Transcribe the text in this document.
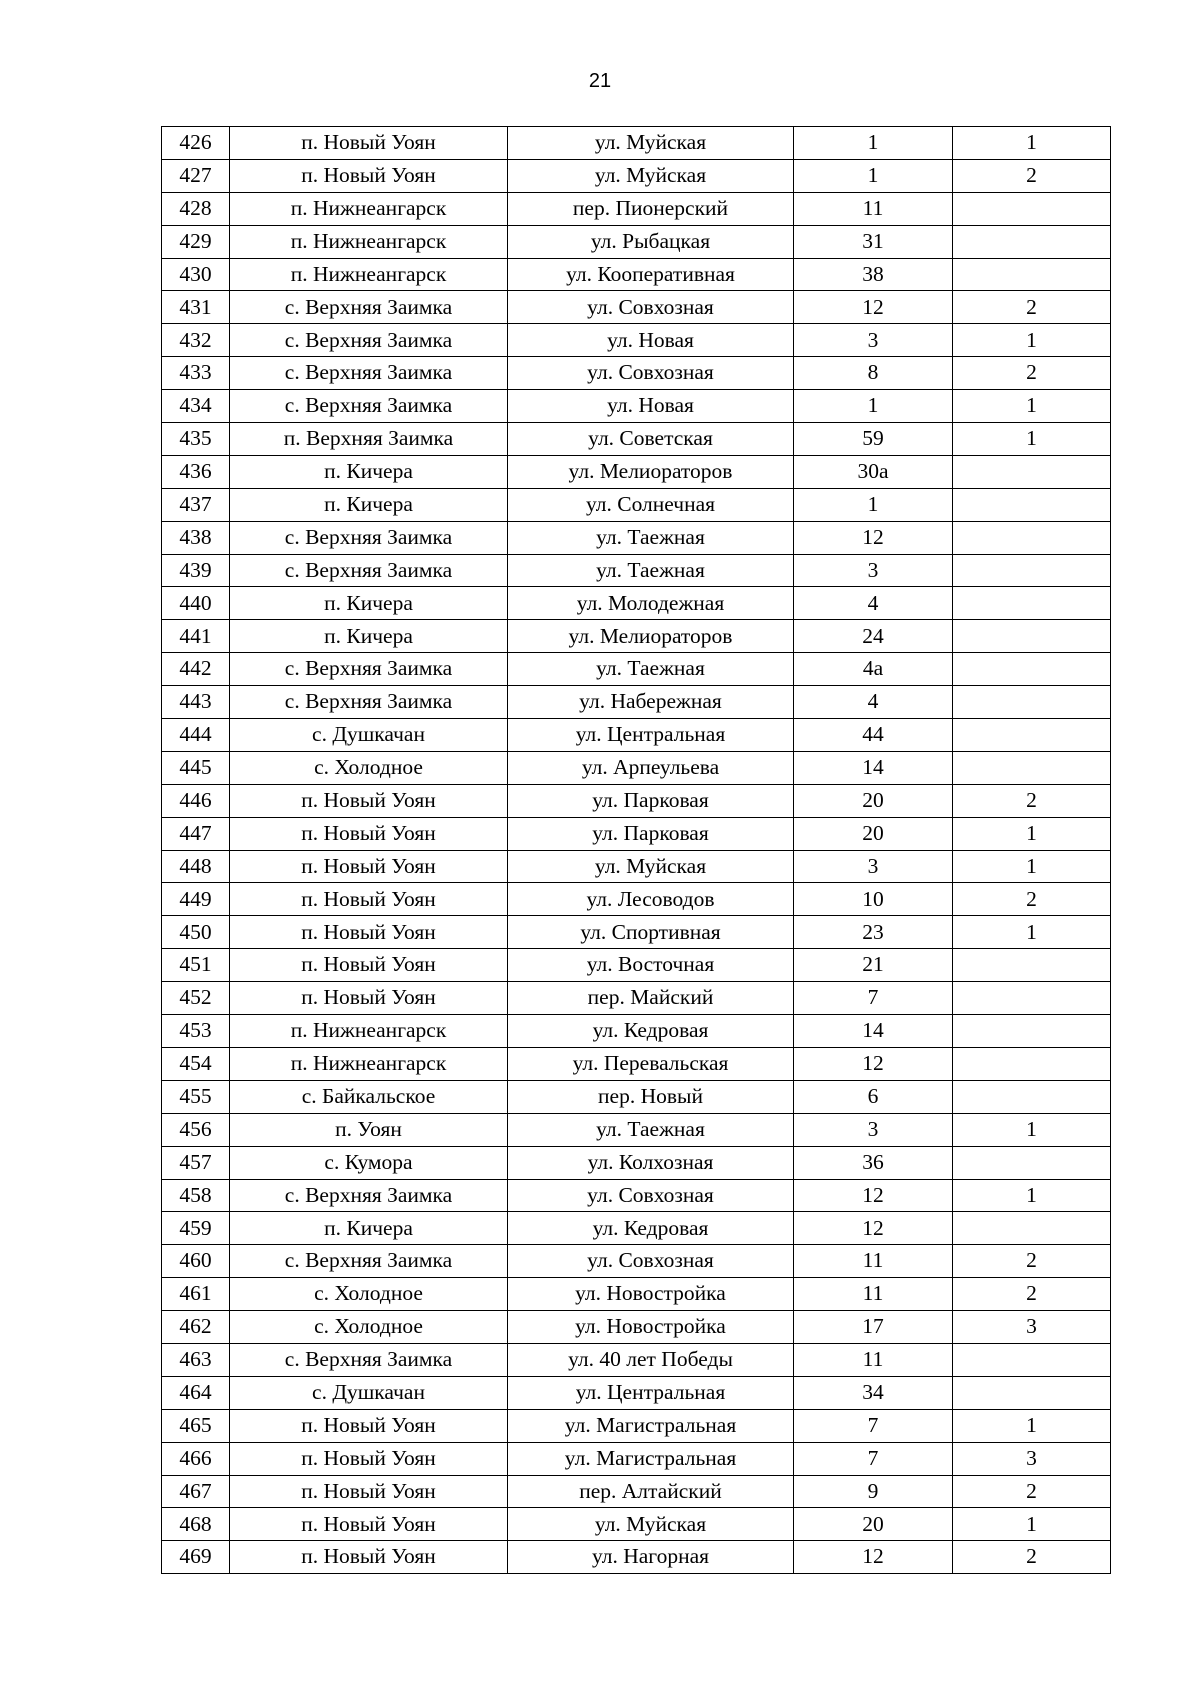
21
426	п. Новый Уоян	ул. Муйская	1	1
427	п. Новый Уоян	ул. Муйская	1	2
428	п. Нижнеангарск	пер. Пионерский	11	
429	п. Нижнеангарск	ул. Рыбацкая	31	
430	п. Нижнеангарск	ул. Кооперативная	38	
431	с. Верхняя Заимка	ул. Совхозная	12	2
432	с. Верхняя Заимка	ул. Новая	3	1
433	с. Верхняя Заимка	ул. Совхозная	8	2
434	с. Верхняя Заимка	ул. Новая	1	1
435	п. Верхняя Заимка	ул. Советская	59	1
436	п. Кичера	ул. Мелиораторов	30а	
437	п. Кичера	ул. Солнечная	1	
438	с. Верхняя Заимка	ул. Таежная	12	
439	с. Верхняя Заимка	ул. Таежная	3	
440	п. Кичера	ул. Молодежная	4	
441	п. Кичера	ул. Мелиораторов	24	
442	с. Верхняя Заимка	ул. Таежная	4а	
443	с. Верхняя Заимка	ул. Набережная	4	
444	с. Душкачан	ул. Центральная	44	
445	с. Холодное	ул. Арпеульева	14	
446	п. Новый Уоян	ул. Парковая	20	2
447	п. Новый Уоян	ул. Парковая	20	1
448	п. Новый Уоян	ул. Муйская	3	1
449	п. Новый Уоян	ул. Лесоводов	10	2
450	п. Новый Уоян	ул. Спортивная	23	1
451	п. Новый Уоян	ул. Восточная	21	
452	п. Новый Уоян	пер. Майский	7	
453	п. Нижнеангарск	ул. Кедровая	14	
454	п. Нижнеангарск	ул. Перевальская	12	
455	с. Байкальское	пер. Новый	6	
456	п. Уоян	ул. Таежная	3	1
457	с. Кумора	ул. Колхозная	36	
458	с. Верхняя Заимка	ул. Совхозная	12	1
459	п. Кичера	ул. Кедровая	12	
460	с. Верхняя Заимка	ул. Совхозная	11	2
461	с. Холодное	ул. Новостройка	11	2
462	с. Холодное	ул. Новостройка	17	3
463	с. Верхняя Заимка	ул. 40 лет Победы	11	
464	с. Душкачан	ул. Центральная	34	
465	п. Новый Уоян	ул. Магистральная	7	1
466	п. Новый Уоян	ул. Магистральная	7	3
467	п. Новый Уоян	пер. Алтайский	9	2
468	п. Новый Уоян	ул. Муйская	20	1
469	п. Новый Уоян	ул. Нагорная	12	2
